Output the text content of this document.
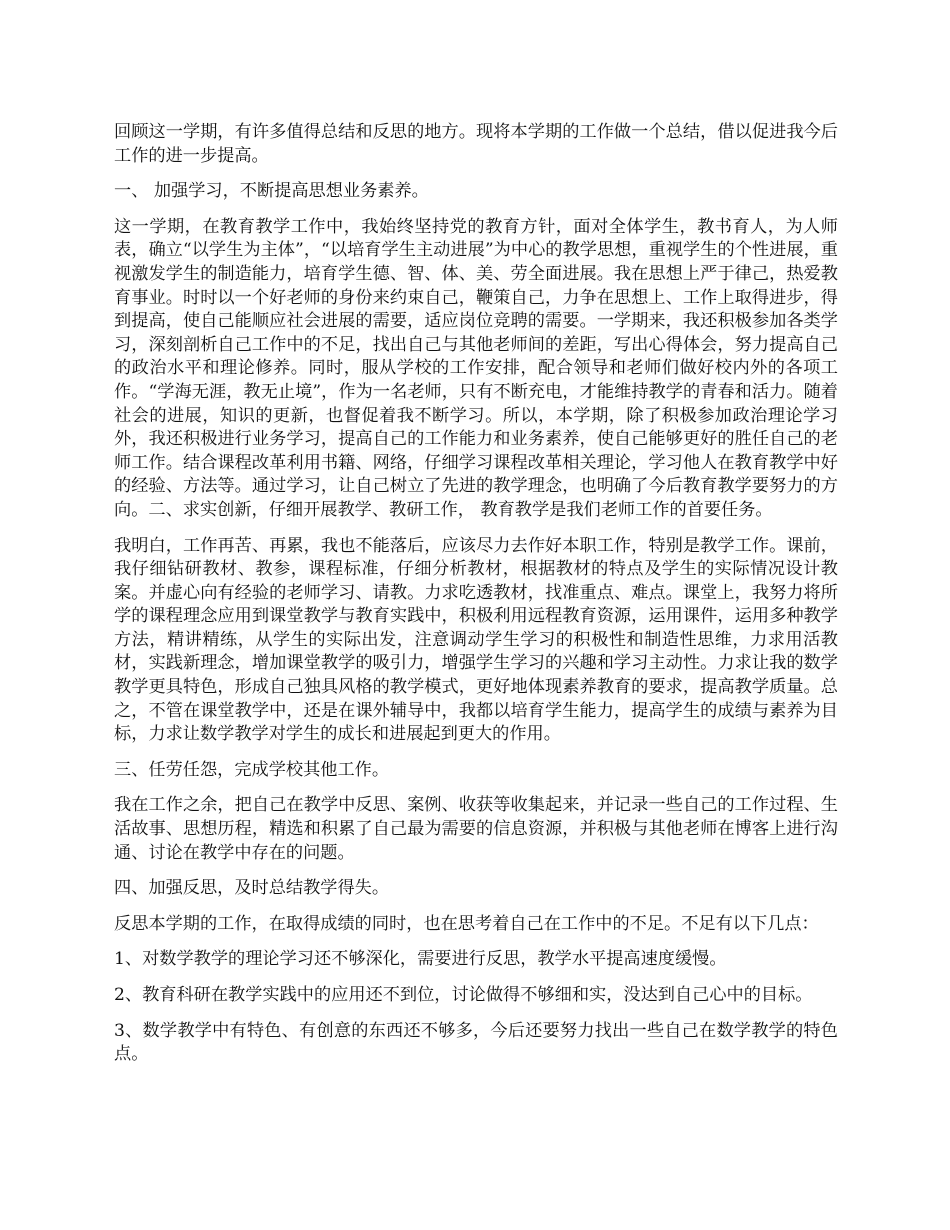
回顾这一学期，有许多值得总结和反思的地方。现将本学期的工作做一个总结，借以促进我今后工作的进一步提高。

一、 加强学习，不断提高思想业务素养。

这一学期，在教育教学工作中，我始终坚持党的教育方针，面对全体学生，教书育人，为人师表，确立“以学生为主体”，“以培育学生主动进展”为中心的教学思想，重视学生的个性进展，重视激发学生的制造能力，培育学生德、智、体、美、劳全面进展。我在思想上严于律己，热爱教育事业。时时以一个好老师的身份来约束自己，鞭策自己，力争在思想上、工作上取得进步，得到提高，使自己能顺应社会进展的需要，适应岗位竞聘的需要。一学期来，我还积极参加各类学习，深刻剖析自己工作中的不足，找出自己与其他老师间的差距，写出心得体会，努力提高自己的政治水平和理论修养。同时，服从学校的工作安排，配合领导和老师们做好校内外的各项工作。“学海无涯，教无止境”，作为一名老师，只有不断充电，才能维持教学的青春和活力。随着社会的进展，知识的更新，也督促着我不断学习。所以，本学期，除了积极参加政治理论学习外，我还积极进行业务学习，提高自己的工作能力和业务素养，使自己能够更好的胜任自己的老师工作。结合课程改革利用书籍、网络，仔细学习课程改革相关理论，学习他人在教育教学中好的经验、方法等。通过学习，让自己树立了先进的教学理念，也明确了今后教育教学要努力的方向。二、求实创新，仔细开展教学、教研工作， 教育教学是我们老师工作的首要任务。

我明白，工作再苦、再累，我也不能落后，应该尽力去作好本职工作，特别是教学工作。课前，我仔细钻研教材、教参，课程标准，仔细分析教材，根据教材的特点及学生的实际情况设计教案。并虚心向有经验的老师学习、请教。力求吃透教材，找准重点、难点。课堂上，我努力将所学的课程理念应用到课堂教学与教育实践中，积极利用远程教育资源，运用课件，运用多种教学方法，精讲精练，从学生的实际出发，注意调动学生学习的积极性和制造性思维，力求用活教材，实践新理念，增加课堂教学的吸引力，增强学生学习的兴趣和学习主动性。力求让我的数学教学更具特色，形成自己独具风格的教学模式，更好地体现素养教育的要求，提高教学质量。总之，不管在课堂教学中，还是在课外辅导中，我都以培育学生能力，提高学生的成绩与素养为目标，力求让数学教学对学生的成长和进展起到更大的作用。

三、任劳任怨，完成学校其他工作。

我在工作之余，把自己在教学中反思、案例、收获等收集起来，并记录一些自己的工作过程、生活故事、思想历程，精选和积累了自己最为需要的信息资源，并积极与其他老师在博客上进行沟通、讨论在教学中存在的问题。

四、加强反思，及时总结教学得失。

反思本学期的工作，在取得成绩的同时，也在思考着自己在工作中的不足。不足有以下几点：

1、对数学教学的理论学习还不够深化，需要进行反思，教学水平提高速度缓慢。

2、教育科研在教学实践中的应用还不到位，讨论做得不够细和实，没达到自己心中的目标。

3、数学教学中有特色、有创意的东西还不够多，今后还要努力找出一些自己在数学教学的特色点。
